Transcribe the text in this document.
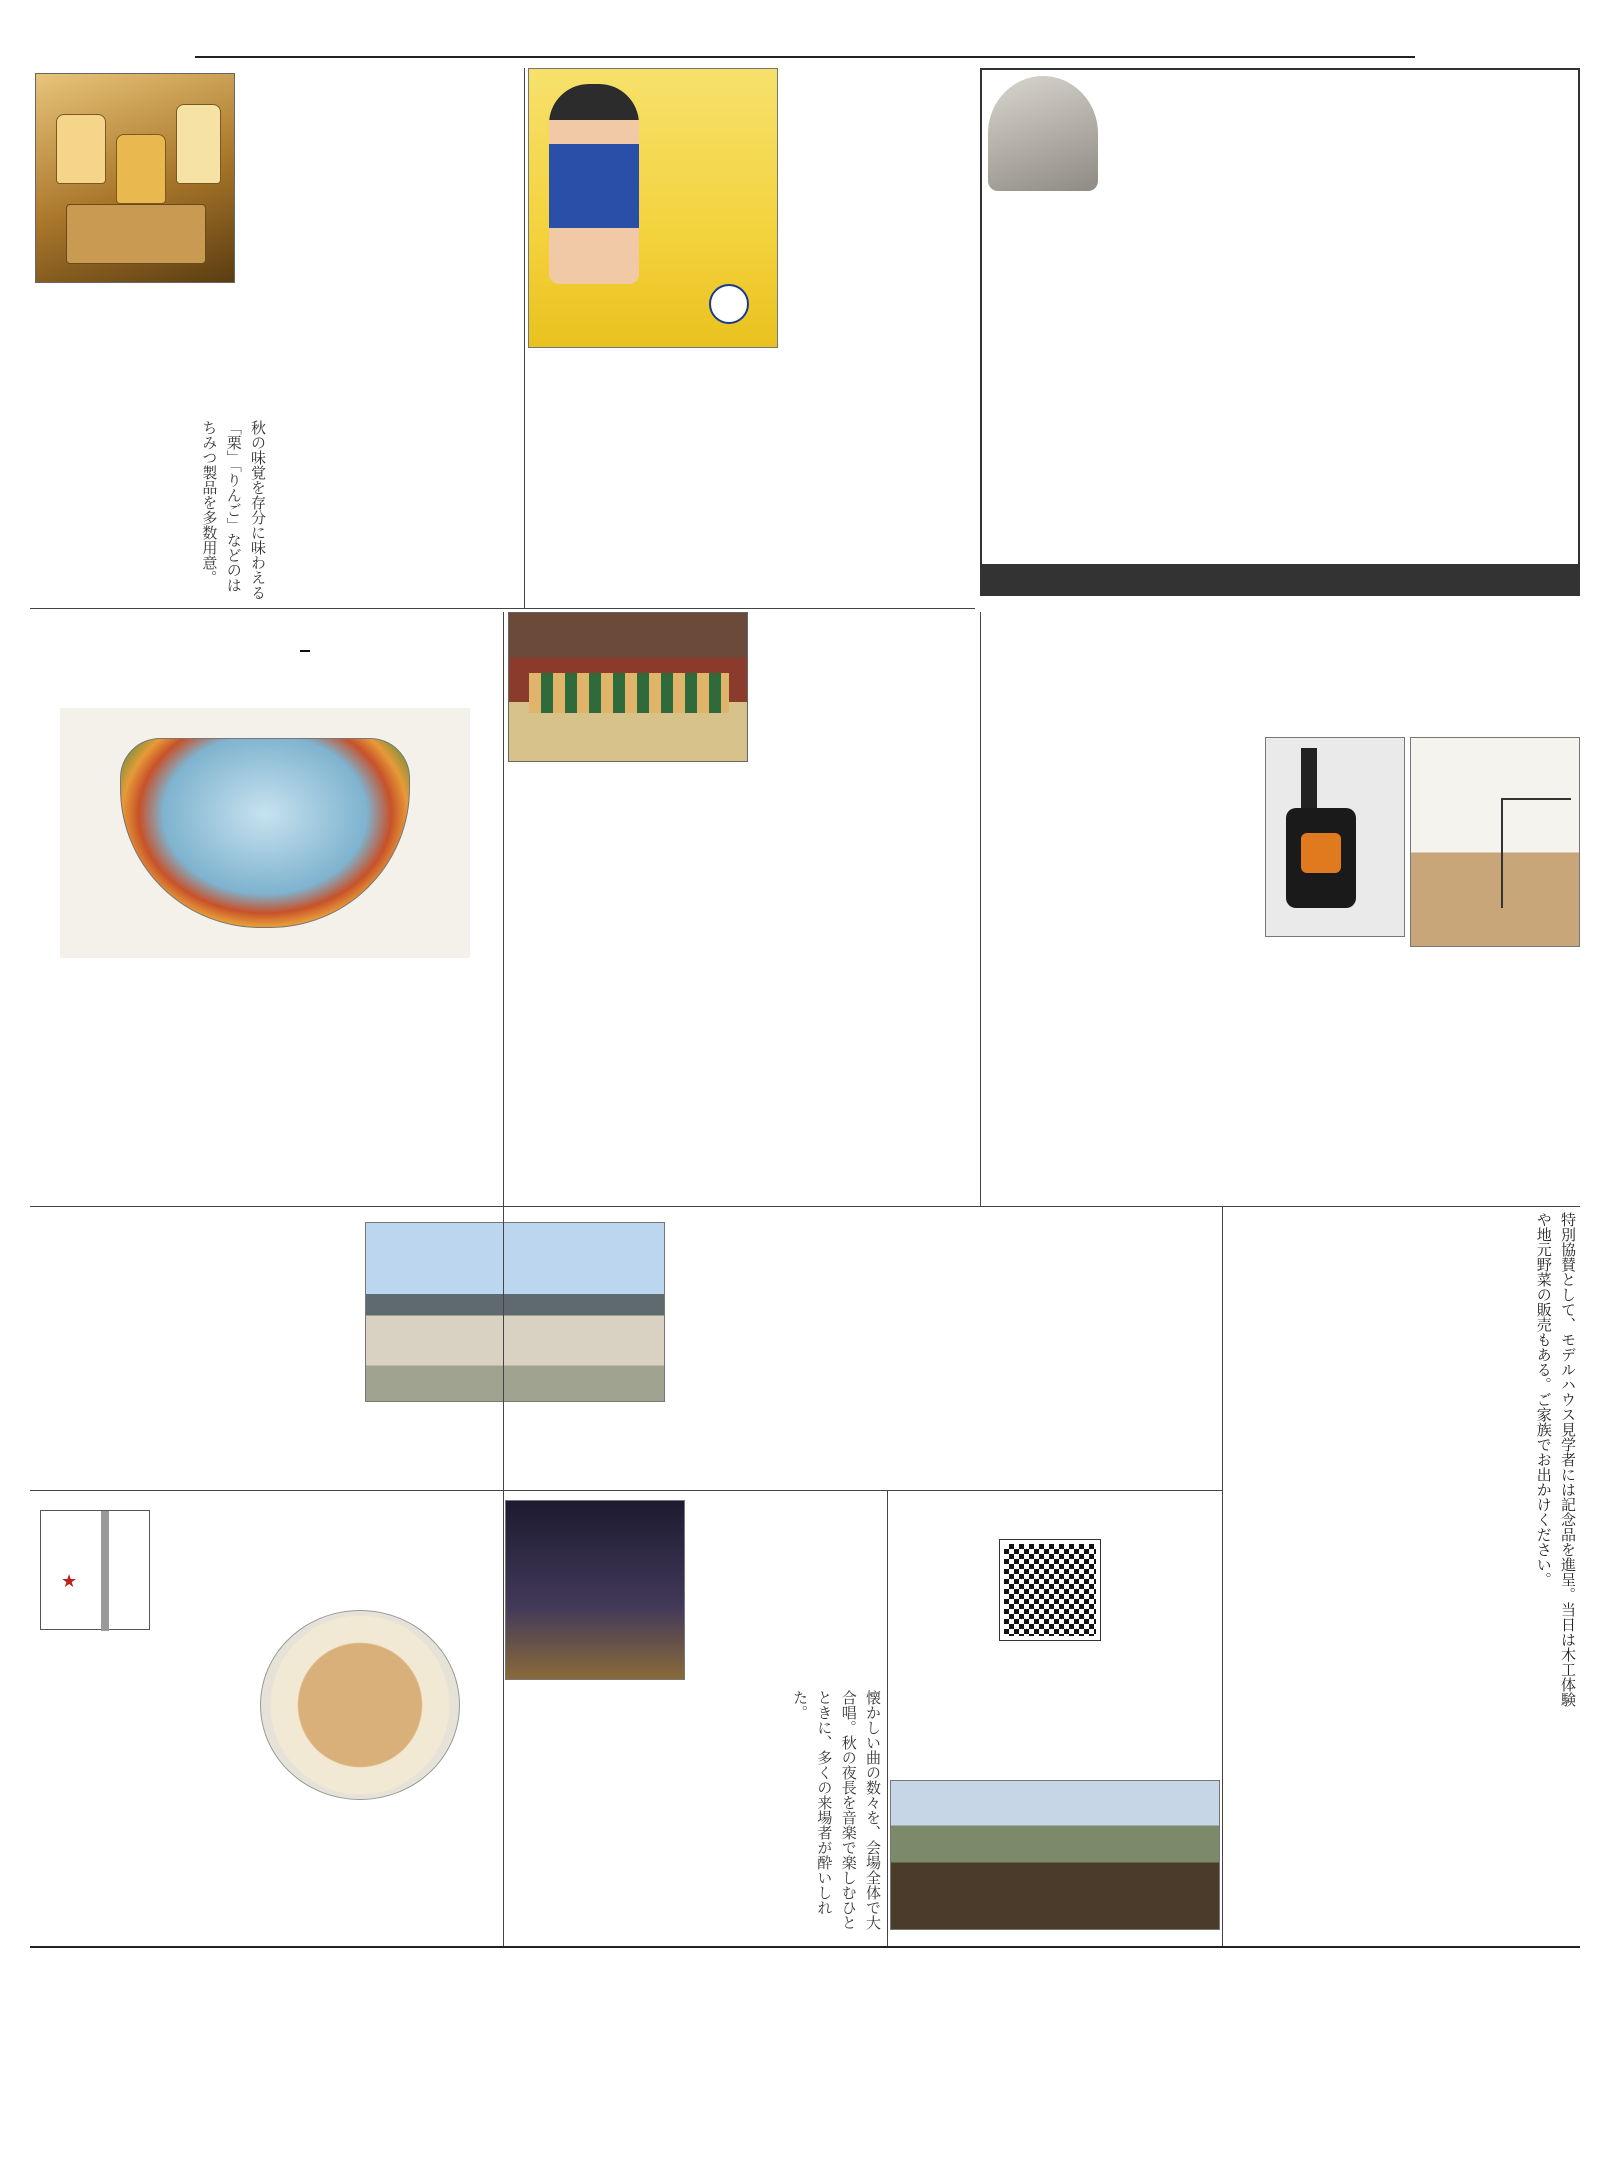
秋の味覚を存分に味わえる「栗」「りんご」などのはちみつ製品を多数用意。
★
懐かしい曲の数々を、会場全体で大合唱。秋の夜長を音楽で楽しむひとときに、多くの来場者が酔いしれた。	特別協賛として、モデルハウス見学者には記念品を進呈。当日は木工体験や地元野菜の販売もある。ご家族でお出かけください。
